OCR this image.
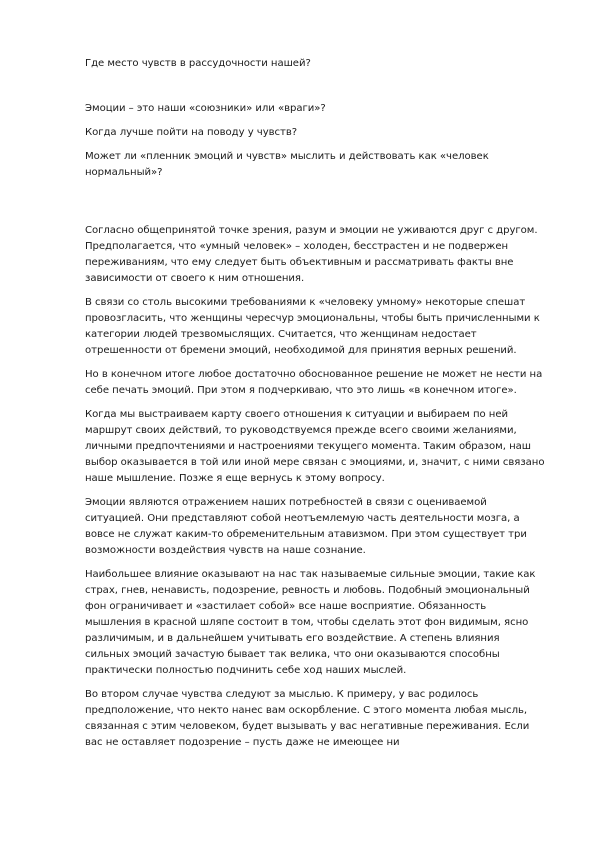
Где место чувств в рассудочности нашей?

Эмоции – это наши «союзники» или «враги»?

Когда лучше пойти на поводу у чувств?

Может ли «пленник эмоций и чувств» мыслить и действовать как «человек нормальный»?

Согласно общепринятой точке зрения, разум и эмоции не уживаются друг с другом. Предполагается, что «умный человек» – холоден, бесстрастен и не подвержен переживаниям, что ему следует быть объективным и рассматривать факты вне зависимости от своего к ним отношения.

В связи со столь высокими требованиями к «человеку умному» некоторые спешат провозгласить, что женщины чересчур эмоциональны, чтобы быть причисленными к категории людей трезвомыслящих. Считается, что женщинам недостает отрешенности от бремени эмоций, необходимой для принятия верных решений.

Но в конечном итоге любое достаточно обоснованное решение не может не нести на себе печать эмоций. При этом я подчеркиваю, что это лишь «в конечном итоге».

Когда мы выстраиваем карту своего отношения к ситуации и выбираем по ней маршрут своих действий, то руководствуемся прежде всего своими желаниями, личными предпочтениями и настроениями текущего момента. Таким образом, наш выбор оказывается в той или иной мере связан с эмоциями, и, значит, с ними связано наше мышление. Позже я еще вернусь к этому вопросу.

Эмоции являются отражением наших потребностей в связи с оцениваемой ситуацией. Они представляют собой неотъемлемую часть деятельности мозга, а вовсе не служат каким-то обременительным атавизмом. При этом существует три возможности воздействия чувств на наше сознание.

Наибольшее влияние оказывают на нас так называемые сильные эмоции, такие как страх, гнев, ненависть, подозрение, ревность и любовь. Подобный эмоциональный фон ограничивает и «застилает собой» все наше восприятие. Обязанность мышления в красной шляпе состоит в том, чтобы сделать этот фон видимым, ясно различимым, и в дальнейшем учитывать его воздействие. А степень влияния сильных эмоций зачастую бывает так велика, что они оказываются способны практически полностью подчинить себе ход наших мыслей.

Во втором случае чувства следуют за мыслью. К примеру, у вас родилось предположение, что некто нанес вам оскорбление. С этого момента любая мысль, связанная с этим человеком, будет вызывать у вас негативные переживания. Если вас не оставляет подозрение – пусть даже не имеющее ни
